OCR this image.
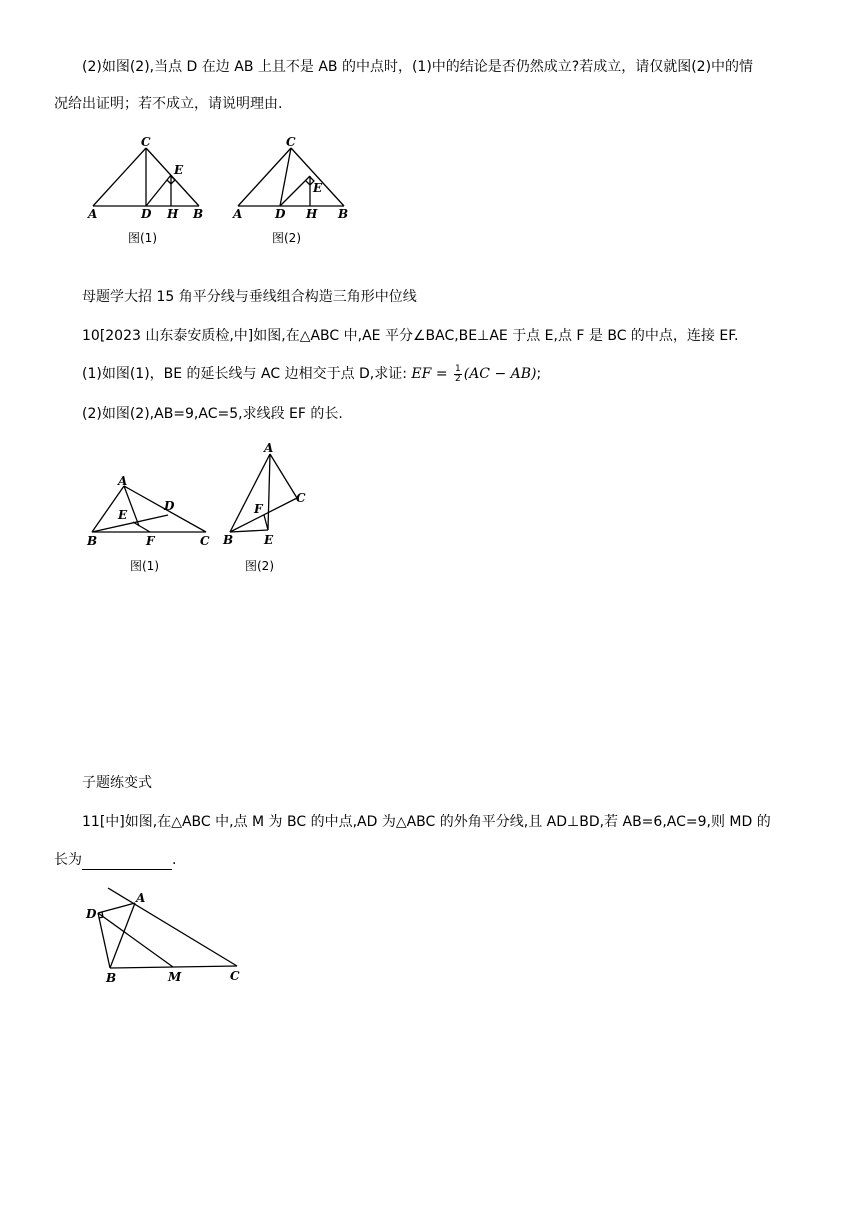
(2)如图(2),当点 D 在边 AB 上且不是 AB 的中点时，(1)中的结论是否仍然成立?若成立，请仅就图(2)中的情
况给出证明；若不成立，请说明理由.
C
E
A	D H B
图(1)
C
E
A	D H B
图(2)
母题学大招 15 角平分线与垂线组合构造三角形中位线
10[2023 山东泰安质检,中]如图,在△ABC 中,AE 平分∠BAC,BE⊥AE 于点 E,点 F 是 BC 的中点，连接 EF.
(1)如图(1)，BE 的延长线与 AC 边相交于点 D,求证: EF = $\frac{1}{2} (AC - AB)$;
(2)如图(2),AB=9,AC=5,求线段 EF 的长.
A
D
E
B	F	C
图(1)
A
C
F
B	E
图(2)
子题练变式
11[中]如图,在△ABC 中,点 M 为 BC 的中点,AD 为△ABC 的外角平分线,且 AD⊥BD,若 AB=6,AC=9,则 MD 的
长为	.
A
D
B	M	C
